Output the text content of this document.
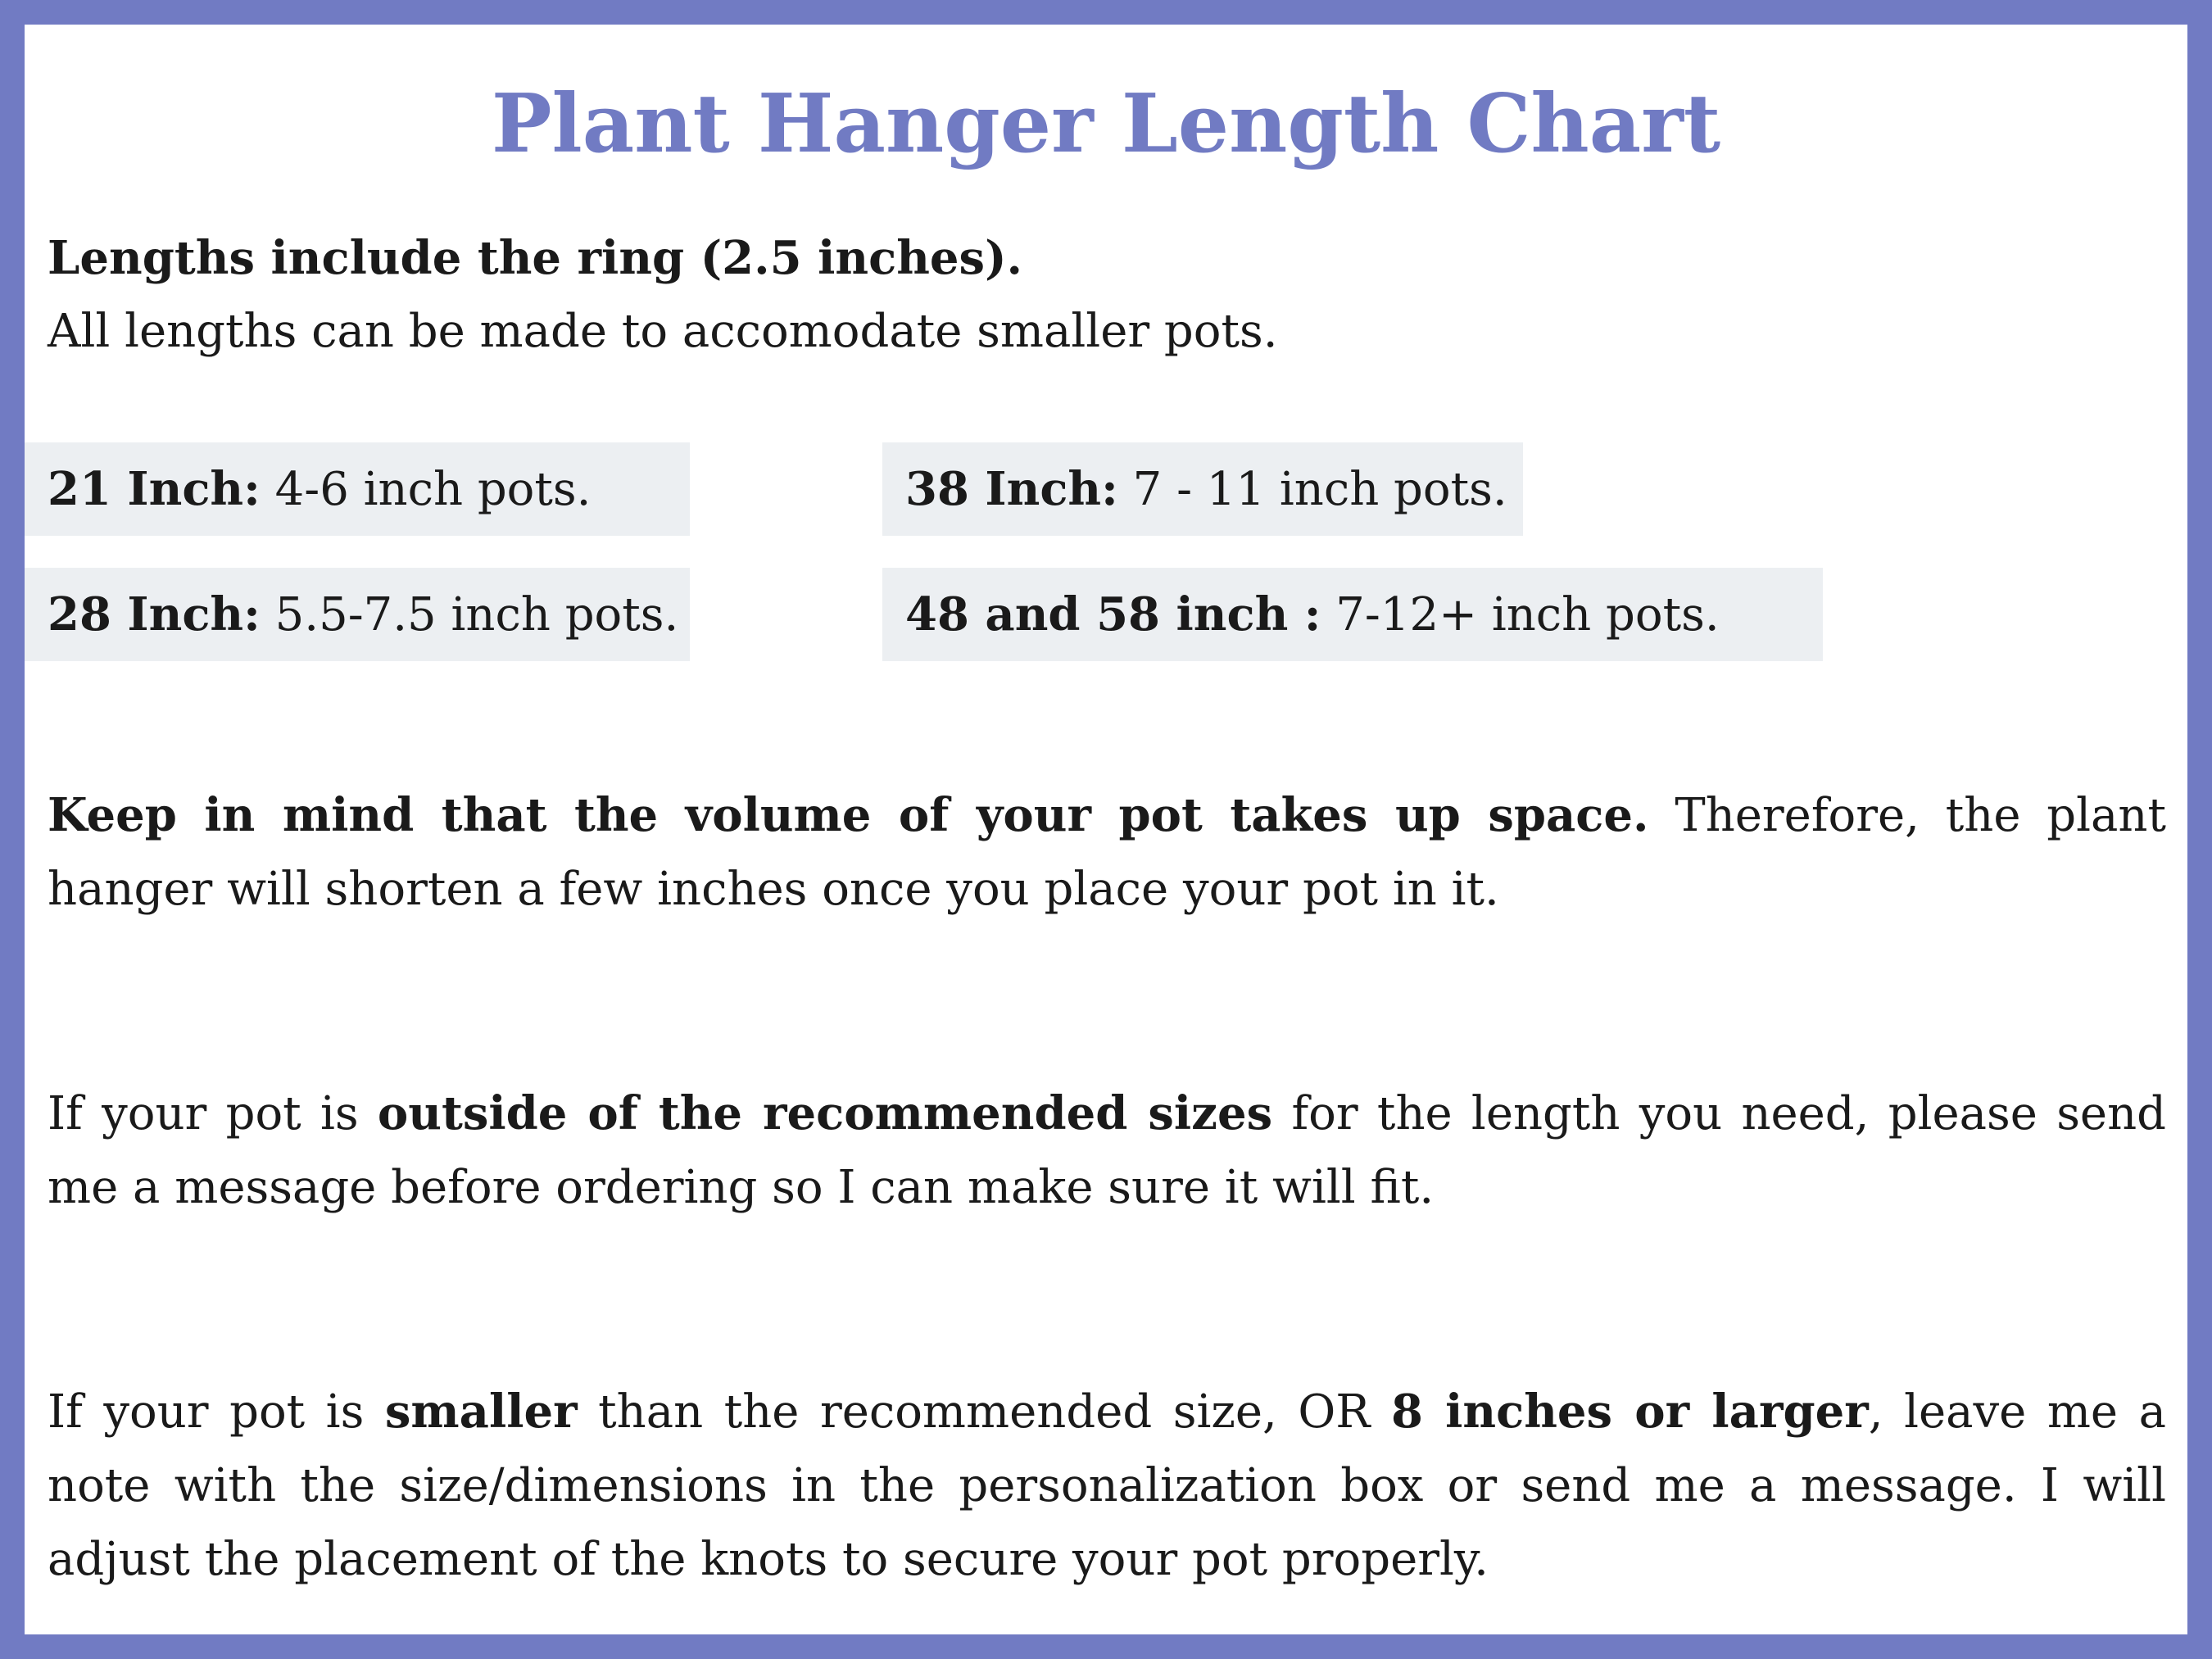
Plant Hanger Length Chart

Lengths include the ring (2.5 inches).
All lengths can be made to accomodate smaller pots.

21 Inch: 4-6 inch pots.	38 Inch: 7 - 11 inch pots.
28 Inch: 5.5-7.5 inch pots.	48 and 58 inch : 7-12+ inch pots.

Keep in mind that the volume of your pot takes up space. Therefore, the plant hanger will shorten a few inches once you place your pot in it.

If your pot is outside of the recommended sizes for the length you need, please send me a message before ordering so I can make sure it will fit.

If your pot is smaller than the recommended size, OR 8 inches or larger, leave me a note with the size/dimensions in the personalization box or send me a message. I will adjust the placement of the knots to secure your pot properly.
